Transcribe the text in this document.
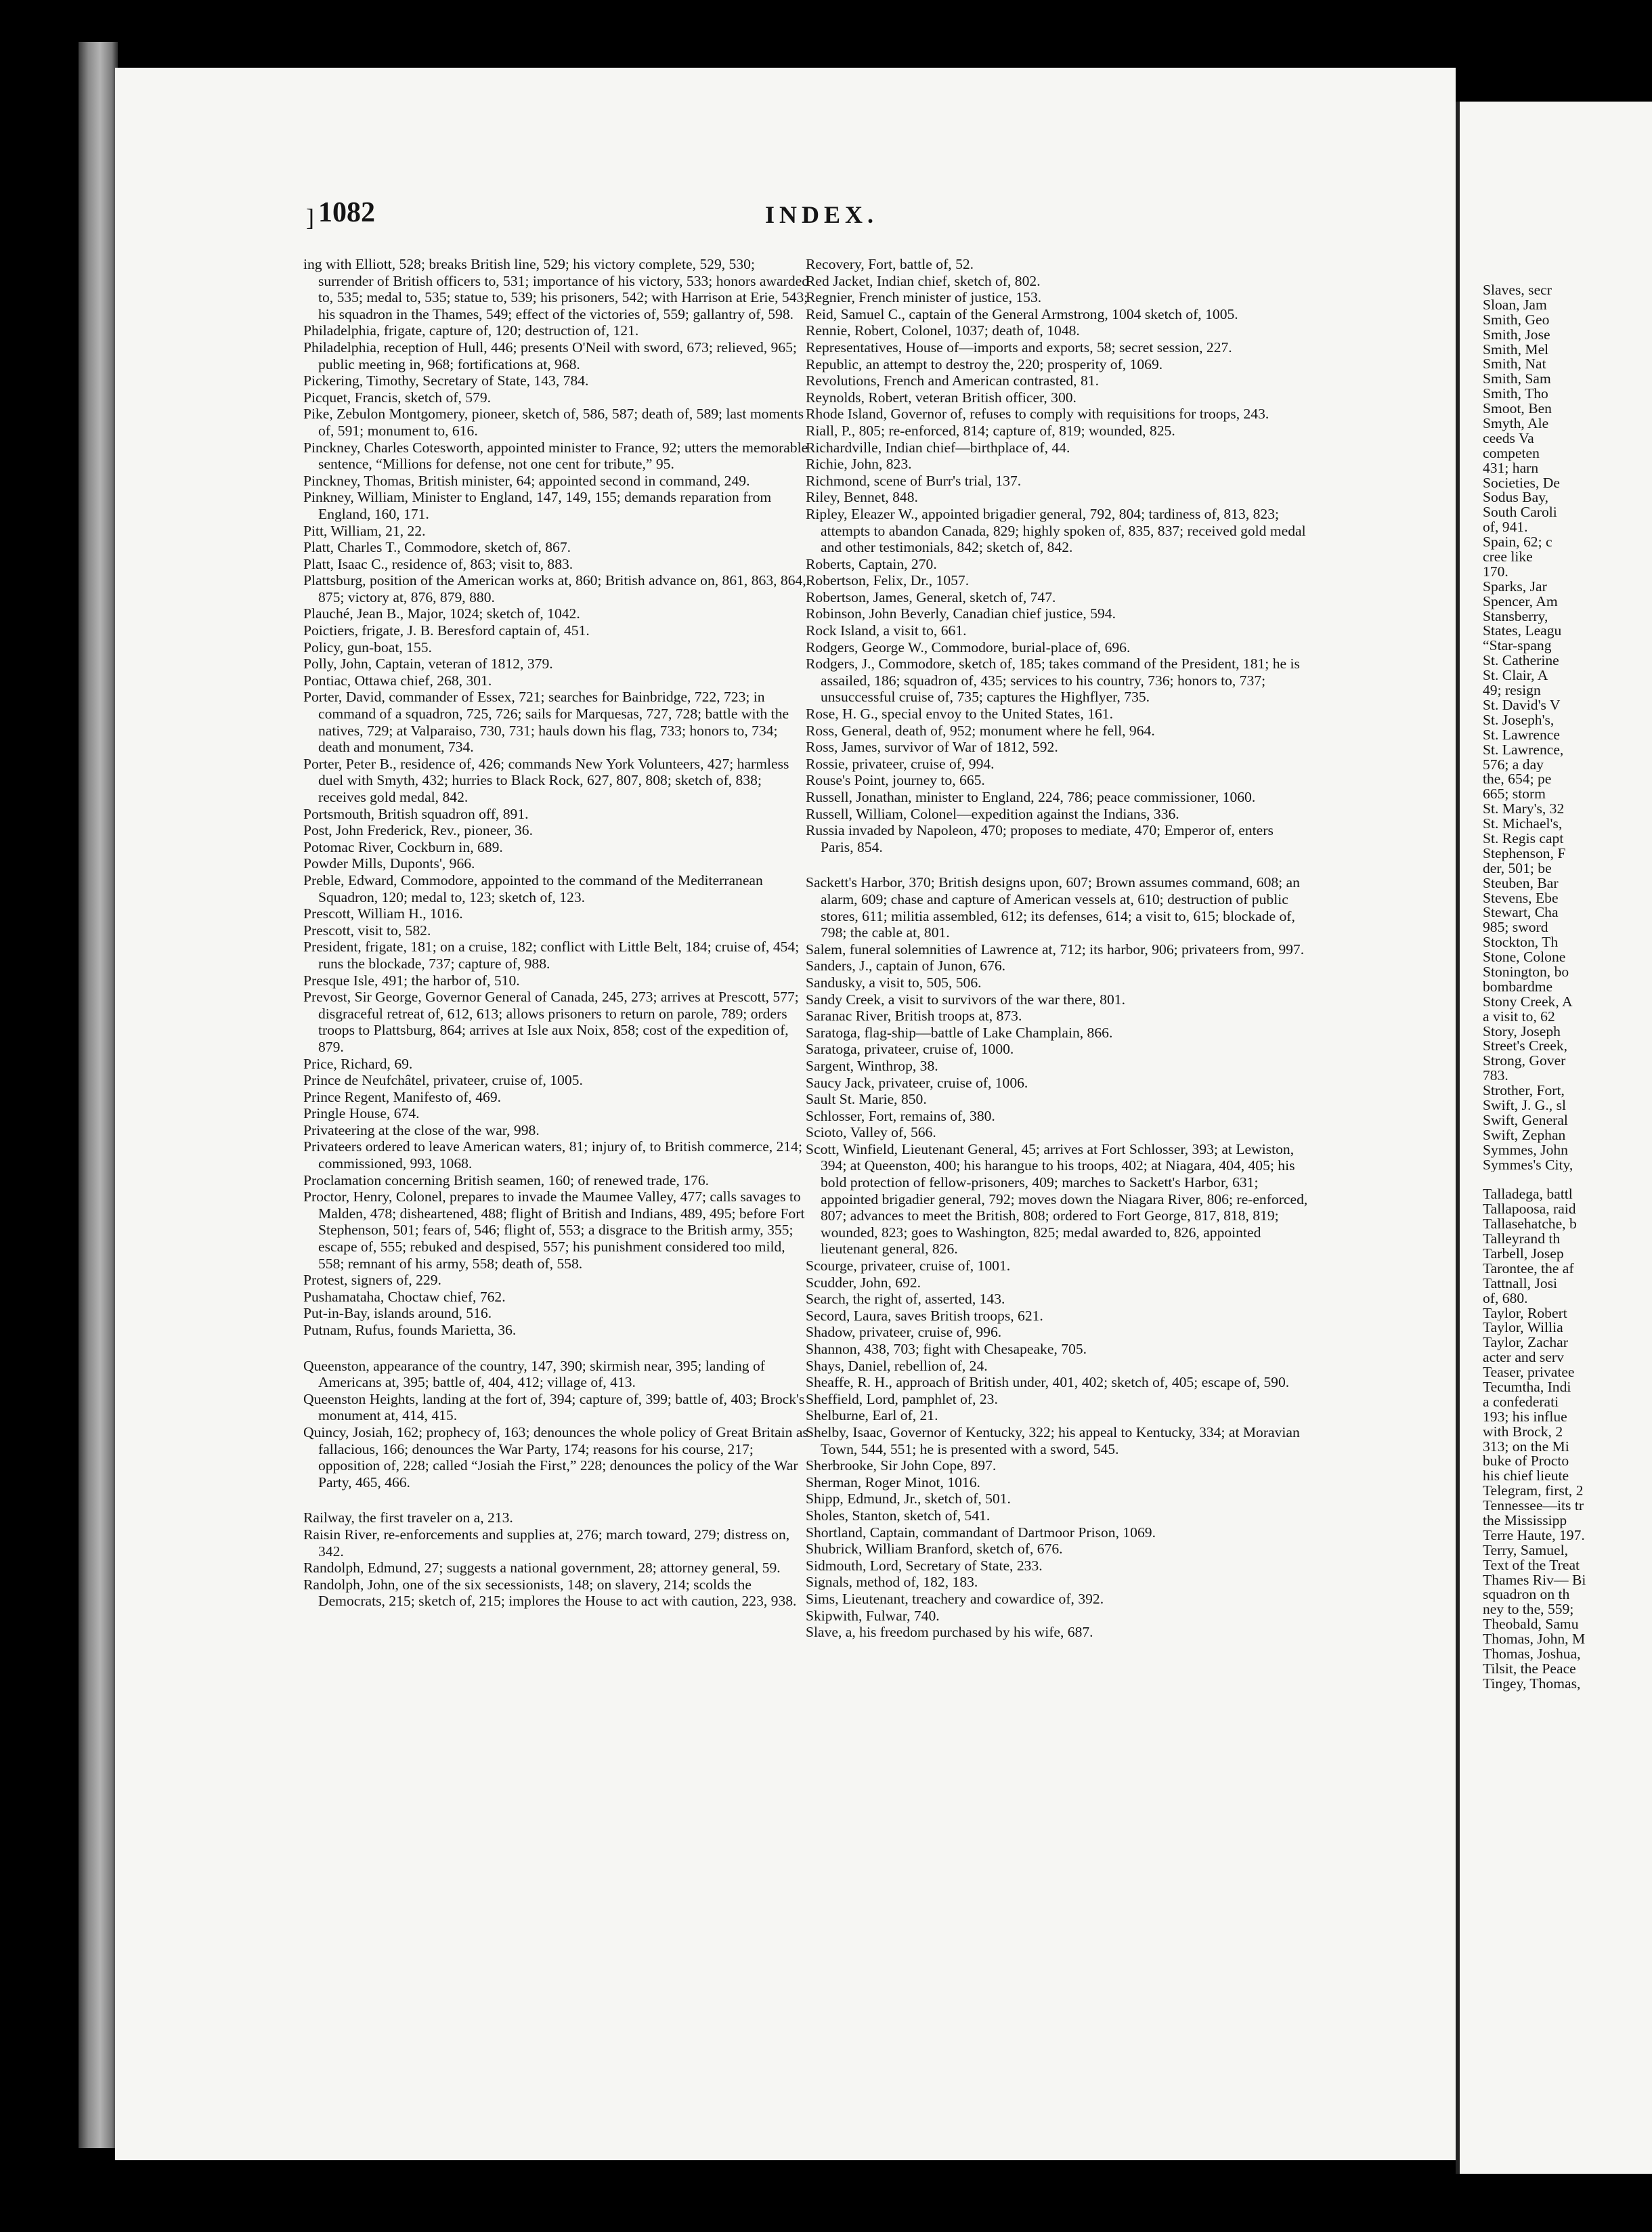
] 1082	INDEX.
ing with Elliott, 528; breaks British line, 529; his victory complete, 529, 530; surrender of British officers to, 531; importance of his victory, 533; honors awarded to, 535; medal to, 535; statue to, 539; his prisoners, 542; with Harrison at Erie, 543; his squadron in the Thames, 549; effect of the victories of, 559; gallantry of, 598.
Philadelphia, frigate, capture of, 120; destruction of, 121.
Philadelphia, reception of Hull, 446; presents O'Neil with sword, 673; relieved, 965; public meeting in, 968; fortifications at, 968.
Pickering, Timothy, Secretary of State, 143, 784.
Picquet, Francis, sketch of, 579.
Pike, Zebulon Montgomery, pioneer, sketch of, 586, 587; death of, 589; last moments of, 591; monument to, 616.
Pinckney, Charles Cotesworth, appointed minister to France, 92; utters the memorable sentence, “Millions for defense, not one cent for tribute,” 95.
Pinckney, Thomas, British minister, 64; appointed second in command, 249.
Pinkney, William, Minister to England, 147, 149, 155; demands reparation from England, 160, 171.
Pitt, William, 21, 22.
Platt, Charles T., Commodore, sketch of, 867.
Platt, Isaac C., residence of, 863; visit to, 883.
Plattsburg, position of the American works at, 860; British advance on, 861, 863, 864, 875; victory at, 876, 879, 880.
Plauché, Jean B., Major, 1024; sketch of, 1042.
Poictiers, frigate, J. B. Beresford captain of, 451.
Policy, gun-boat, 155.
Polly, John, Captain, veteran of 1812, 379.
Pontiac, Ottawa chief, 268, 301.
Porter, David, commander of Essex, 721; searches for Bainbridge, 722, 723; in command of a squadron, 725, 726; sails for Marquesas, 727, 728; battle with the natives, 729; at Valparaiso, 730, 731; hauls down his flag, 733; honors to, 734; death and monument, 734.
Porter, Peter B., residence of, 426; commands New York Volunteers, 427; harmless duel with Smyth, 432; hurries to Black Rock, 627, 807, 808; sketch of, 838; receives gold medal, 842.
Portsmouth, British squadron off, 891.
Post, John Frederick, Rev., pioneer, 36.
Potomac River, Cockburn in, 689.
Powder Mills, Duponts', 966.
Preble, Edward, Commodore, appointed to the command of the Mediterranean Squadron, 120; medal to, 123; sketch of, 123.
Prescott, William H., 1016.
Prescott, visit to, 582.
President, frigate, 181; on a cruise, 182; conflict with Little Belt, 184; cruise of, 454; runs the blockade, 737; capture of, 988.
Presque Isle, 491; the harbor of, 510.
Prevost, Sir George, Governor General of Canada, 245, 273; arrives at Prescott, 577; disgraceful retreat of, 612, 613; allows prisoners to return on parole, 789; orders troops to Plattsburg, 864; arrives at Isle aux Noix, 858; cost of the expedition of, 879.
Price, Richard, 69.
Prince de Neufchâtel, privateer, cruise of, 1005.
Prince Regent, Manifesto of, 469.
Pringle House, 674.
Privateering at the close of the war, 998.
Privateers ordered to leave American waters, 81; injury of, to British commerce, 214; commissioned, 993, 1068.
Proclamation concerning British seamen, 160; of renewed trade, 176.
Proctor, Henry, Colonel, prepares to invade the Maumee Valley, 477; calls savages to Malden, 478; disheartened, 488; flight of British and Indians, 489, 495; before Fort Stephenson, 501; fears of, 546; flight of, 553; a disgrace to the British army, 355; escape of, 555; rebuked and despised, 557; his punishment considered too mild, 558; remnant of his army, 558; death of, 558.
Protest, signers of, 229.
Pushamataha, Choctaw chief, 762.
Put-in-Bay, islands around, 516.
Putnam, Rufus, founds Marietta, 36.
Queenston, appearance of the country, 147, 390; skirmish near, 395; landing of Americans at, 395; battle of, 404, 412; village of, 413.
Queenston Heights, landing at the fort of, 394; capture of, 399; battle of, 403; Brock's monument at, 414, 415.
Quincy, Josiah, 162; prophecy of, 163; denounces the whole policy of Great Britain as fallacious, 166; denounces the War Party, 174; reasons for his course, 217; opposition of, 228; called “Josiah the First,” 228; denounces the policy of the War Party, 465, 466.
Railway, the first traveler on a, 213.
Raisin River, re-enforcements and supplies at, 276; march toward, 279; distress on, 342.
Randolph, Edmund, 27; suggests a national government, 28; attorney general, 59.
Randolph, John, one of the six secessionists, 148; on slavery, 214; scolds the Democrats, 215; sketch of, 215; implores the House to act with caution, 223, 938.
Recovery, Fort, battle of, 52.
Red Jacket, Indian chief, sketch of, 802.
Regnier, French minister of justice, 153.
Reid, Samuel C., captain of the General Armstrong, 1004 sketch of, 1005.
Rennie, Robert, Colonel, 1037; death of, 1048.
Representatives, House of—imports and exports, 58; secret session, 227.
Republic, an attempt to destroy the, 220; prosperity of, 1069.
Revolutions, French and American contrasted, 81.
Reynolds, Robert, veteran British officer, 300.
Rhode Island, Governor of, refuses to comply with requisitions for troops, 243.
Riall, P., 805; re-enforced, 814; capture of, 819; wounded, 825.
Richardville, Indian chief—birthplace of, 44.
Richie, John, 823.
Richmond, scene of Burr's trial, 137.
Riley, Bennet, 848.
Ripley, Eleazer W., appointed brigadier general, 792, 804; tardiness of, 813, 823; attempts to abandon Canada, 829; highly spoken of, 835, 837; received gold medal and other testimonials, 842; sketch of, 842.
Roberts, Captain, 270.
Robertson, Felix, Dr., 1057.
Robertson, James, General, sketch of, 747.
Robinson, John Beverly, Canadian chief justice, 594.
Rock Island, a visit to, 661.
Rodgers, George W., Commodore, burial-place of, 696.
Rodgers, J., Commodore, sketch of, 185; takes command of the President, 181; he is assailed, 186; squadron of, 435; services to his country, 736; honors to, 737; unsuccessful cruise of, 735; captures the Highflyer, 735.
Rose, H. G., special envoy to the United States, 161.
Ross, General, death of, 952; monument where he fell, 964.
Ross, James, survivor of War of 1812, 592.
Rossie, privateer, cruise of, 994.
Rouse's Point, journey to, 665.
Russell, Jonathan, minister to England, 224, 786; peace commissioner, 1060.
Russell, William, Colonel—expedition against the Indians, 336.
Russia invaded by Napoleon, 470; proposes to mediate, 470; Emperor of, enters Paris, 854.
Sackett's Harbor, 370; British designs upon, 607; Brown assumes command, 608; an alarm, 609; chase and capture of American vessels at, 610; destruction of public stores, 611; militia assembled, 612; its defenses, 614; a visit to, 615; blockade of, 798; the cable at, 801.
Salem, funeral solemnities of Lawrence at, 712; its harbor, 906; privateers from, 997.
Sanders, J., captain of Junon, 676.
Sandusky, a visit to, 505, 506.
Sandy Creek, a visit to survivors of the war there, 801.
Saranac River, British troops at, 873.
Saratoga, flag-ship—battle of Lake Champlain, 866.
Saratoga, privateer, cruise of, 1000.
Sargent, Winthrop, 38.
Saucy Jack, privateer, cruise of, 1006.
Sault St. Marie, 850.
Schlosser, Fort, remains of, 380.
Scioto, Valley of, 566.
Scott, Winfield, Lieutenant General, 45; arrives at Fort Schlosser, 393; at Lewiston, 394; at Queenston, 400; his harangue to his troops, 402; at Niagara, 404, 405; his bold protection of fellow-prisoners, 409; marches to Sackett's Harbor, 631; appointed brigadier general, 792; moves down the Niagara River, 806; re-enforced, 807; advances to meet the British, 808; ordered to Fort George, 817, 818, 819; wounded, 823; goes to Washington, 825; medal awarded to, 826, appointed lieutenant general, 826.
Scourge, privateer, cruise of, 1001.
Scudder, John, 692.
Search, the right of, asserted, 143.
Secord, Laura, saves British troops, 621.
Shadow, privateer, cruise of, 996.
Shannon, 438, 703; fight with Chesapeake, 705.
Shays, Daniel, rebellion of, 24.
Sheaffe, R. H., approach of British under, 401, 402; sketch of, 405; escape of, 590.
Sheffield, Lord, pamphlet of, 23.
Shelburne, Earl of, 21.
Shelby, Isaac, Governor of Kentucky, 322; his appeal to Kentucky, 334; at Moravian Town, 544, 551; he is presented with a sword, 545.
Sherbrooke, Sir John Cope, 897.
Sherman, Roger Minot, 1016.
Shipp, Edmund, Jr., sketch of, 501.
Sholes, Stanton, sketch of, 541.
Shortland, Captain, commandant of Dartmoor Prison, 1069.
Shubrick, William Branford, sketch of, 676.
Sidmouth, Lord, Secretary of State, 233.
Signals, method of, 182, 183.
Sims, Lieutenant, treachery and cowardice of, 392.
Skipwith, Fulwar, 740.
Slave, a, his freedom purchased by his wife, 687.
Slaves, secr
Sloan, Jam
Smith, Geo
Smith, Jose
Smith, Mel
Smith, Nat
Smith, Sam
Smith, Tho
Smoot, Ben
Smyth, Ale
ceeds Va
competen
431; harn
Societies, De
Sodus Bay,
South Caroli
of, 941.
Spain, 62; c
cree like
170.
Sparks, Jar
Spencer, Am
Stansberry,
States, Leagu
“Star-spang
St. Catherine
St. Clair, A
49; resign
St. David's V
St. Joseph's,
St. Lawrence
St. Lawrence,
576; a day
the, 654; pe
665; storm
St. Mary's, 32
St. Michael's,
St. Regis capt
Stephenson, F
der, 501; be
Steuben, Bar
Stevens, Ebe
Stewart, Cha
985; sword
Stockton, Th
Stone, Colone
Stonington, bo
bombardme
Stony Creek, A
a visit to, 62
Story, Joseph
Street's Creek,
Strong, Gover
783.
Strother, Fort,
Swift, J. G., sl
Swift, General
Swift, Zephan
Symmes, John
Symmes's City,
Talladega, battl
Tallapoosa, raid
Tallasehatche, b
Talleyrand th
Tarbell, Josep
Tarontee, the af
Tattnall, Josi
of, 680.
Taylor, Robert
Taylor, Willia
Taylor, Zachar
acter and serv
Teaser, privatee
Tecumtha, Indi
a confederati
193; his influe
with Brock, 2
313; on the Mi
buke of Procto
his chief lieute
Telegram, first, 2
Tennessee—its tr
the Mississipp
Terre Haute, 197.
Terry, Samuel,
Text of the Treat
Thames Riv— Bi
squadron on th
ney to the, 559;
Theobald, Samu
Thomas, John, M
Thomas, Joshua,
Tilsit, the Peace
Tingey, Thomas,
